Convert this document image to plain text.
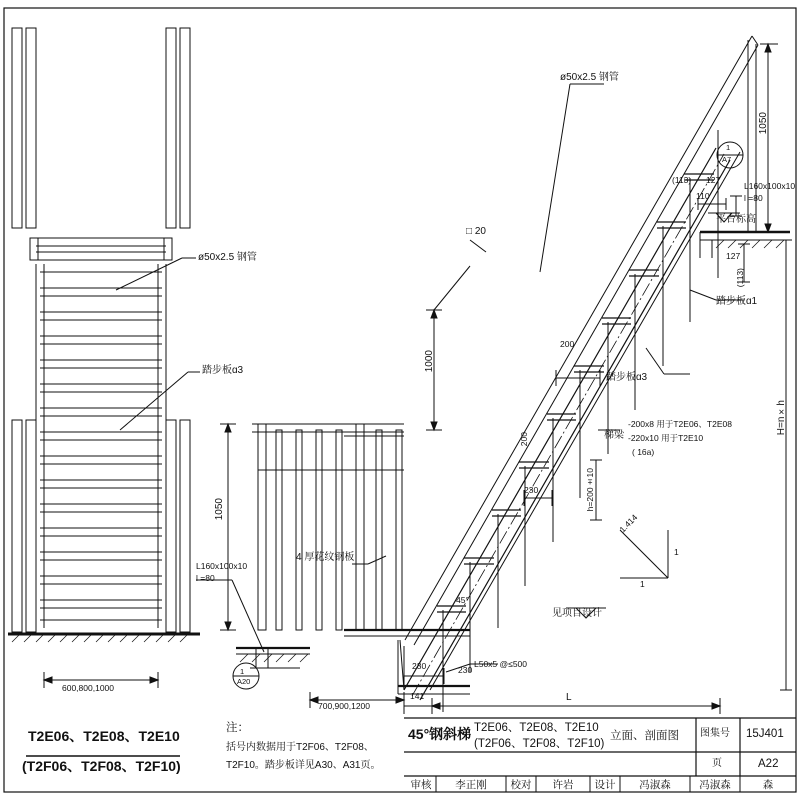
ø50x2.5 钢管
踏步板ɑ3
600,800,1000
T2E06、T2E08、T2E10
(T2F06、T2F08、T2F10)
注：
括号内数据用于T2F06、T2F08、
T2F10。踏步板详见A30、A31页。
1050
L160x100x10
l =80
4 厚花纹钢板
700,900,1200
1
A20
ø50x2.5 钢管
□ 20
1000
200
230	h=200±10
200
45°
见项目设计
1.414
1
1
230
230
141	L
L50x5 @≤500
踏步板ɑ3
踏步板ɑ1
梯梁
-200x8 用于T2E06、T2E08
-220x10 用于T2E10
( 16a)
(113) 127
110
L160x100x10
l =80
平台标高
127
(113)
1050
H=n×h
1
A7
45°钢斜梯 T2E06、T2E08、T2E10
(T2F06、T2F08、T2F10)
立面、剖面图 图集号 15J401
页	A22
审核	李正刚	校对	许岩	设计	冯淑森	冯淑森	森
